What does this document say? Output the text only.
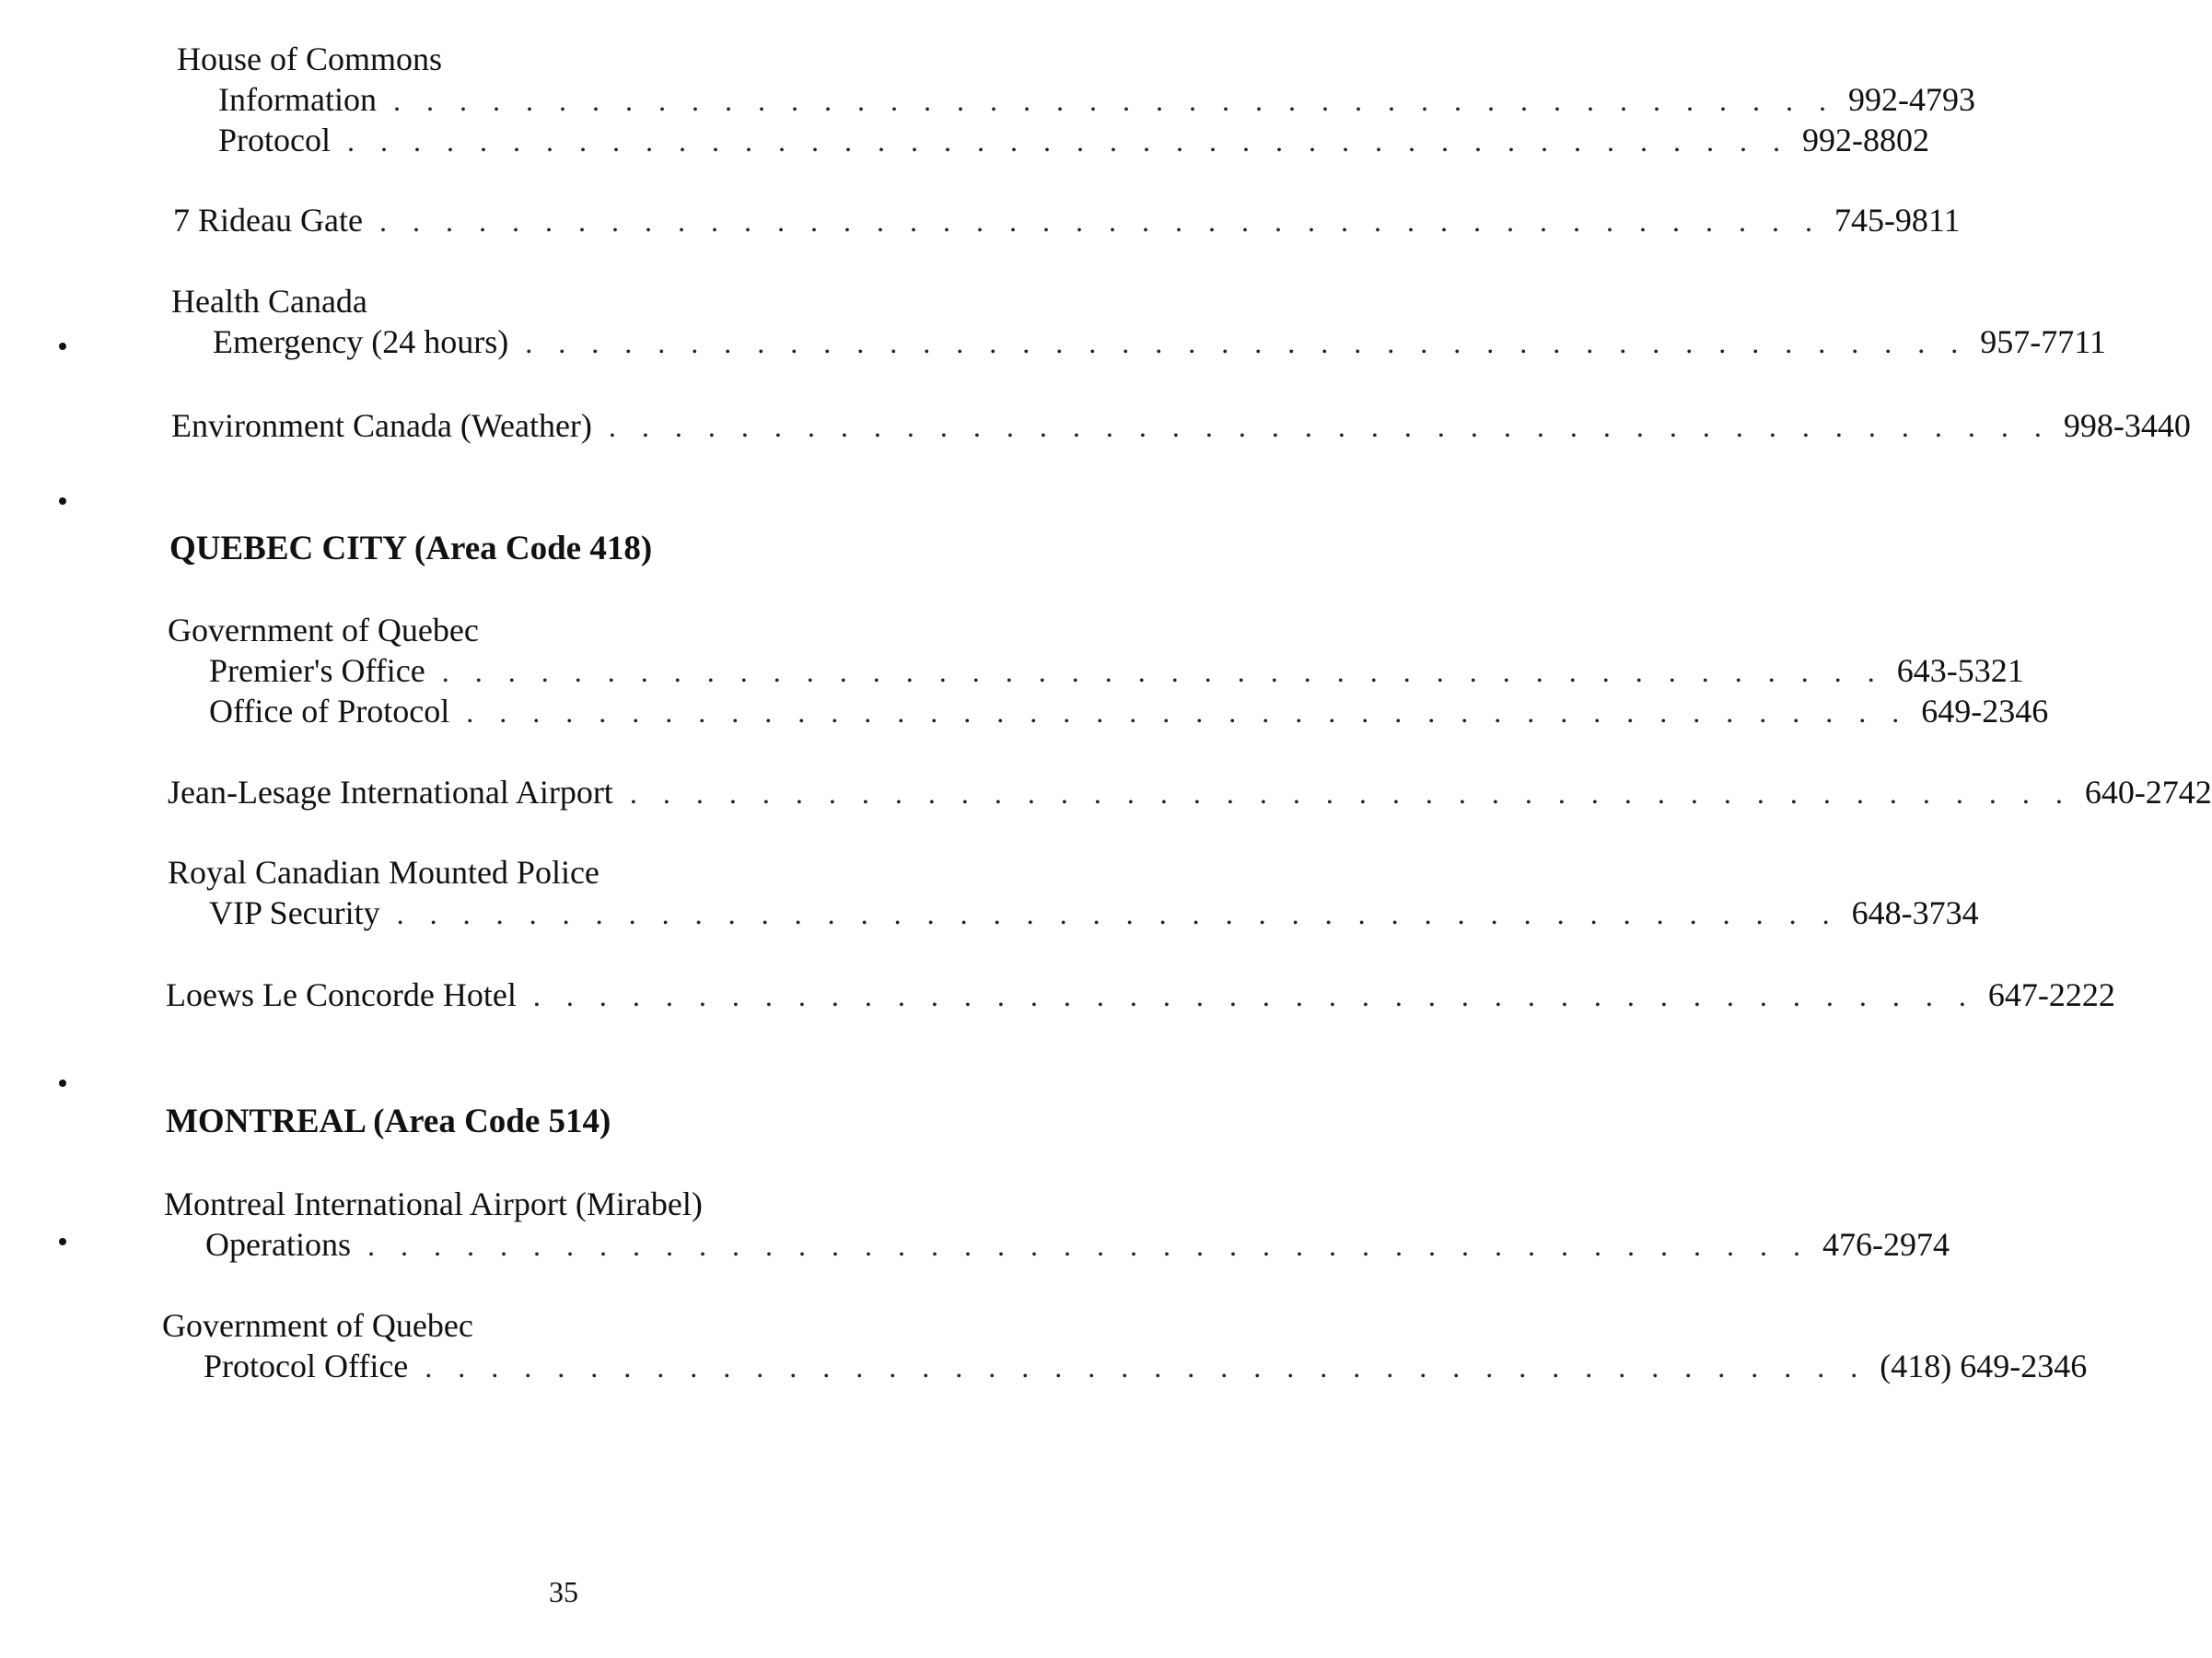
House of Commons
Information . . . . . . . . . . . . . . . . . . . . . . . . . . . . . . . . . . . . . . . . . . . . 992-4793
Protocol . . . . . . . . . . . . . . . . . . . . . . . . . . . . . . . . . . . . . . . . . . . . 992-8802
7 Rideau Gate . . . . . . . . . . . . . . . . . . . . . . . . . . . . . . . . . . . . . . . . . . . . 745-9811
Health Canada
Emergency (24 hours) . . . . . . . . . . . . . . . . . . . . . . . . . . . . . . . . . . . . . . . . . . . . 957-7711
Environment Canada (Weather) . . . . . . . . . . . . . . . . . . . . . . . . . . . . . . . . . . . . . . . . . . . . 998-3440
QUEBEC CITY (Area Code 418)
Government of Quebec
Premier's Office . . . . . . . . . . . . . . . . . . . . . . . . . . . . . . . . . . . . . . . . . . . . 643-5321
Office of Protocol . . . . . . . . . . . . . . . . . . . . . . . . . . . . . . . . . . . . . . . . . . . . 649-2346
Jean-Lesage International Airport . . . . . . . . . . . . . . . . . . . . . . . . . . . . . . . . . . . . . . . . . . . . 640-2742
Royal Canadian Mounted Police
VIP Security . . . . . . . . . . . . . . . . . . . . . . . . . . . . . . . . . . . . . . . . . . . . 648-3734
Loews Le Concorde Hotel . . . . . . . . . . . . . . . . . . . . . . . . . . . . . . . . . . . . . . . . . . . . 647-2222
MONTREAL (Area Code 514)
Montreal International Airport (Mirabel)
Operations . . . . . . . . . . . . . . . . . . . . . . . . . . . . . . . . . . . . . . . . . . . . 476-2974
Government of Quebec
Protocol Office . . . . . . . . . . . . . . . . . . . . . . . . . . . . . . . . . . . . . . . . . . . . (418) 649-2346
35
